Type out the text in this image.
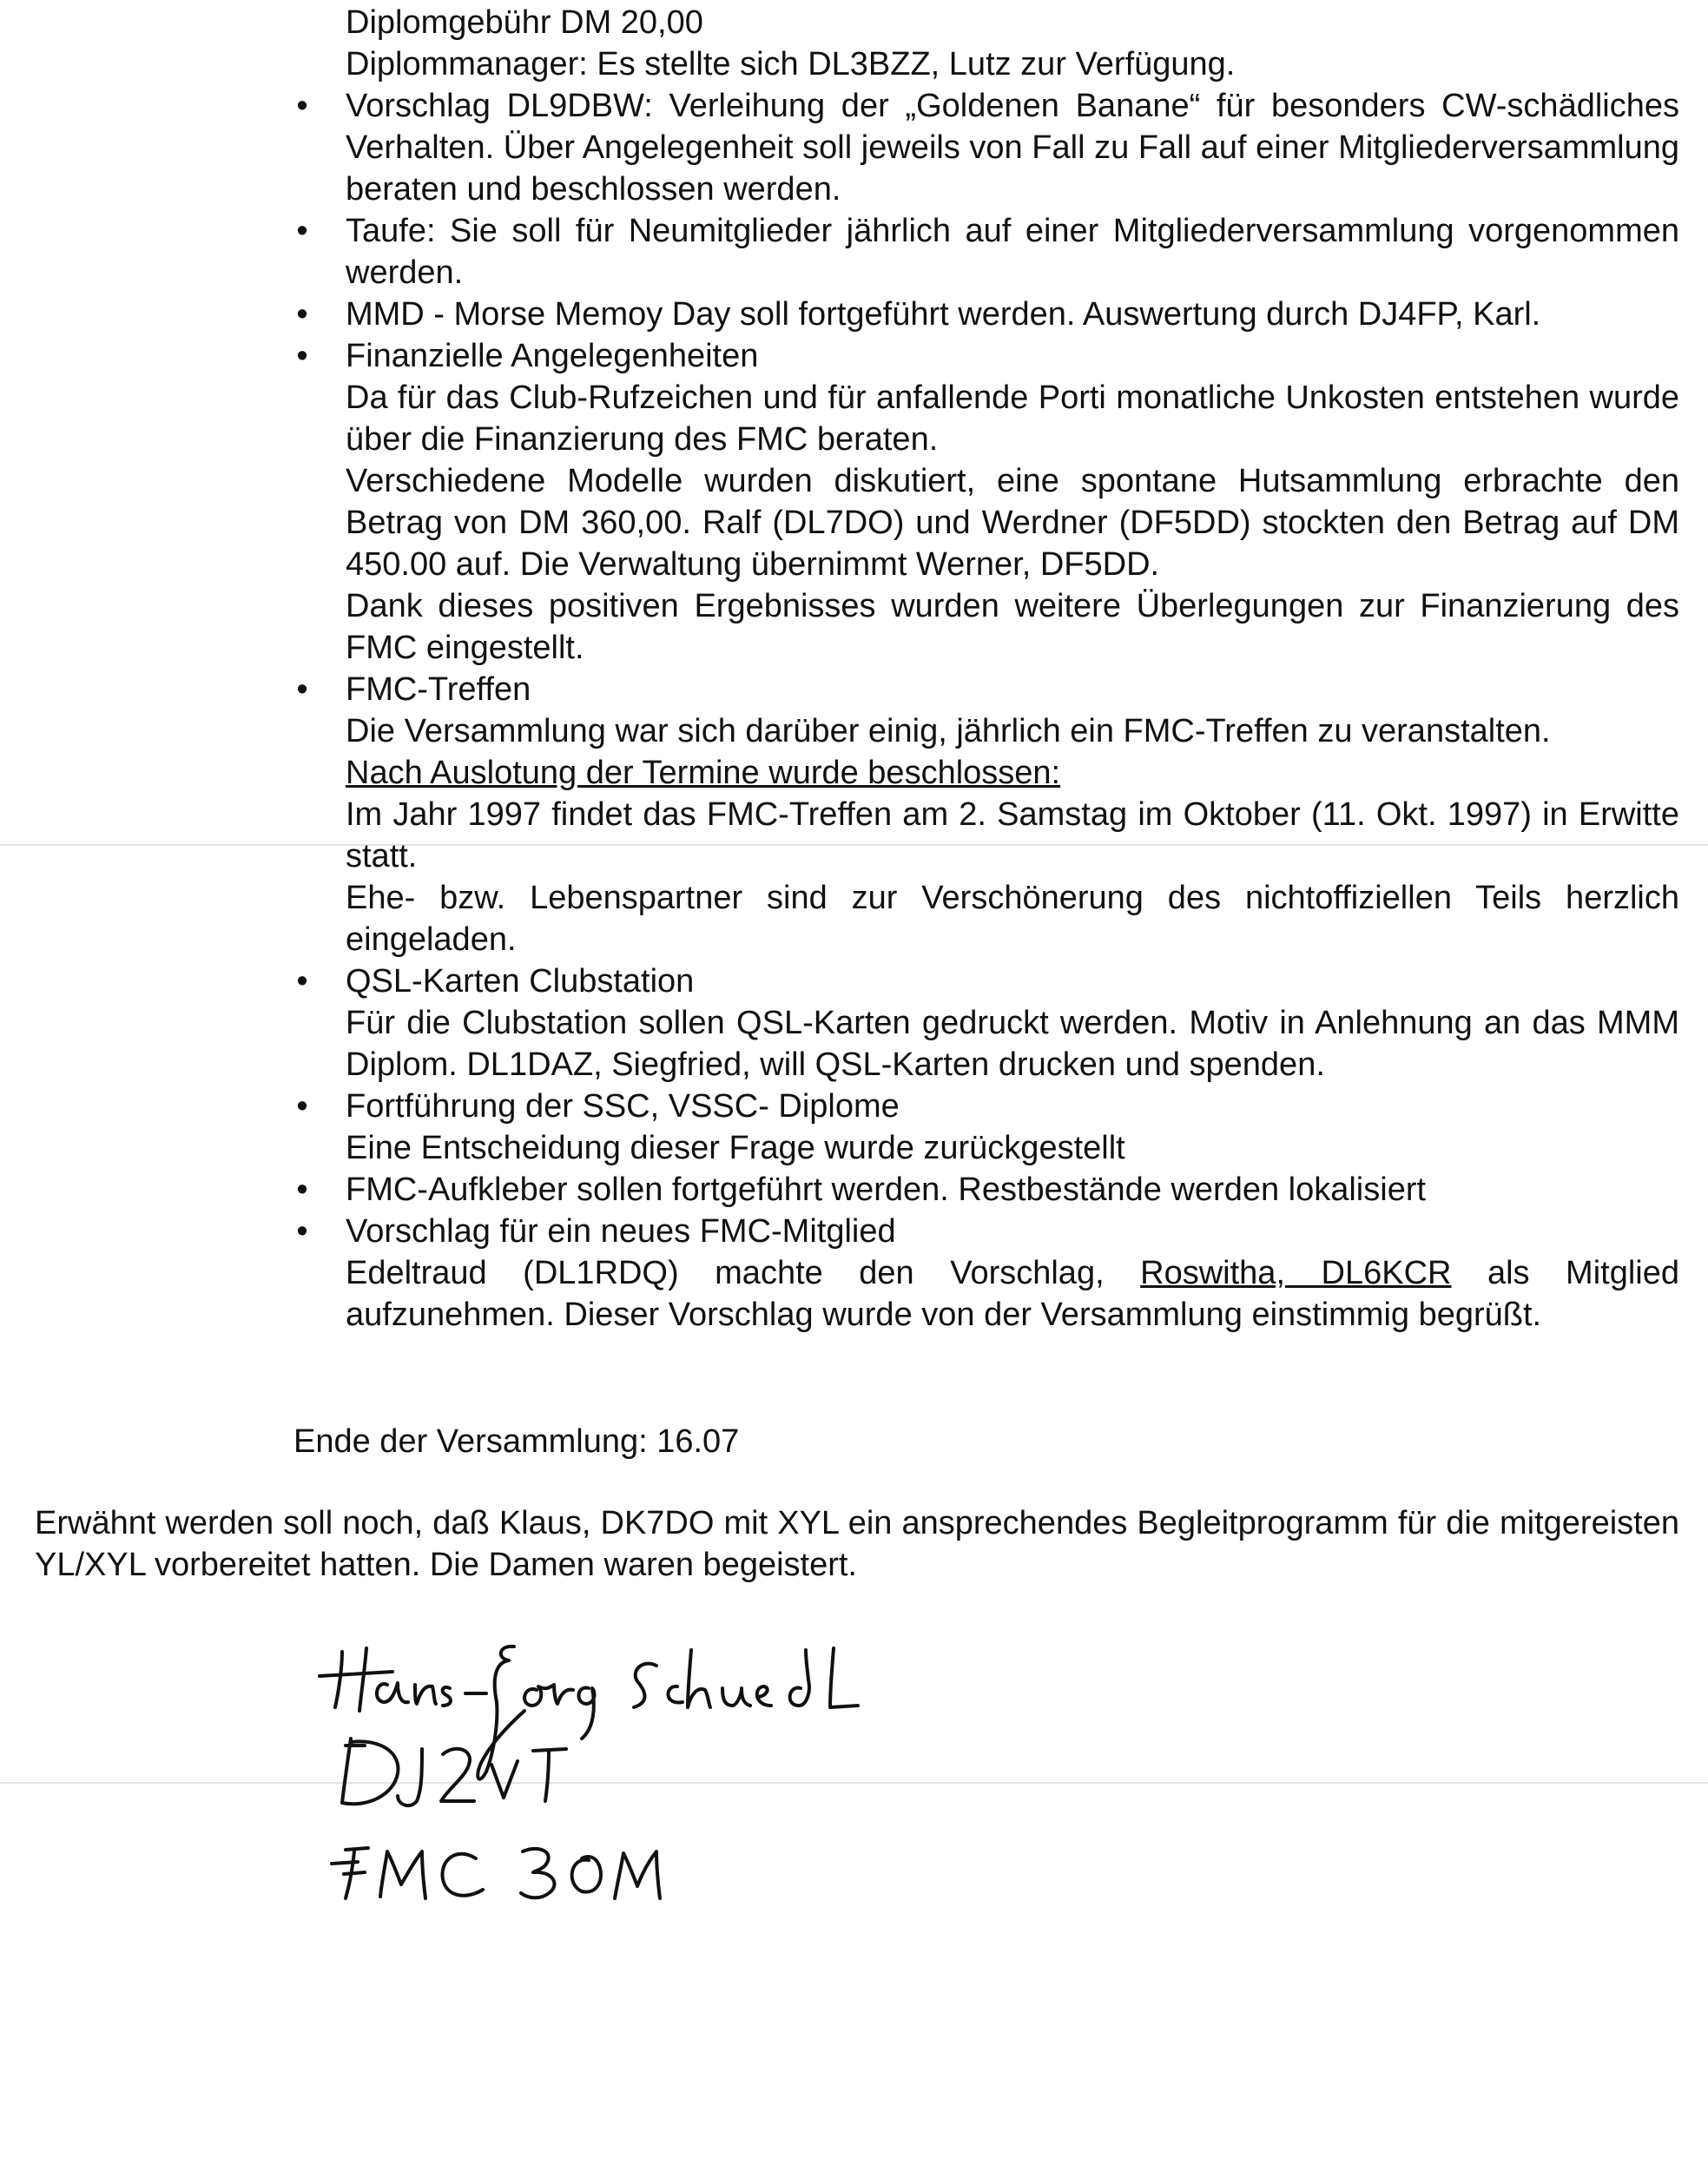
Diplomgebühr DM 20,00

Diplommanager: Es stellte sich DL3BZZ, Lutz zur Verfügung.

• Vorschlag DL9DBW: Verleihung der „Goldenen Banane“ für besonders CW-schädliches Verhalten. Über Angelegenheit soll jeweils von Fall zu Fall auf einer Mitgliederversammlung beraten und beschlossen werden.

• Taufe: Sie soll für Neumitglieder jährlich auf einer Mitgliederversammlung vorgenommen werden.

• MMD - Morse Memoy Day soll fortgeführt werden. Auswertung durch DJ4FP, Karl.

• Finanzielle Angelegenheiten

Da für das Club-Rufzeichen und für anfallende Porti monatliche Unkosten entstehen wurde über die Finanzierung des FMC beraten.

Verschiedene Modelle wurden diskutiert, eine spontane Hutsammlung erbrachte den Betrag von DM 360,00. Ralf (DL7DO) und Werdner (DF5DD) stockten den Betrag auf DM 450.00 auf. Die Verwaltung übernimmt Werner, DF5DD.

Dank dieses positiven Ergebnisses wurden weitere Überlegungen zur Finanzierung des FMC eingestellt.

• FMC-Treffen

Die Versammlung war sich darüber einig, jährlich ein FMC-Treffen zu veranstalten.

Nach Auslotung der Termine wurde beschlossen:

Im Jahr 1997 findet das FMC-Treffen am 2. Samstag im Oktober (11. Okt. 1997) in Erwitte statt.

Ehe- bzw. Lebenspartner sind zur Verschönerung des nichtoffiziellen Teils herzlich eingeladen.

• QSL-Karten Clubstation

Für die Clubstation sollen QSL-Karten gedruckt werden. Motiv in Anlehnung an das MMM Diplom. DL1DAZ, Siegfried, will QSL-Karten drucken und spenden.

• Fortführung der SSC, VSSC- Diplome

Eine Entscheidung dieser Frage wurde zurückgestellt

• FMC-Aufkleber sollen fortgeführt werden. Restbestände werden lokalisiert

• Vorschlag für ein neues FMC-Mitglied

Edeltraud (DL1RDQ) machte den Vorschlag, Roswitha, DL6KCR als Mitglied aufzunehmen. Dieser Vorschlag wurde von der Versammlung einstimmig begrüßt.

Ende der Versammlung: 16.07
Erwähnt werden soll noch, daß Klaus, DK7DO mit XYL ein ansprechendes Begleitprogramm für die mitgereisten YL/XYL vorbereitet hatten. Die Damen waren begeistert.
